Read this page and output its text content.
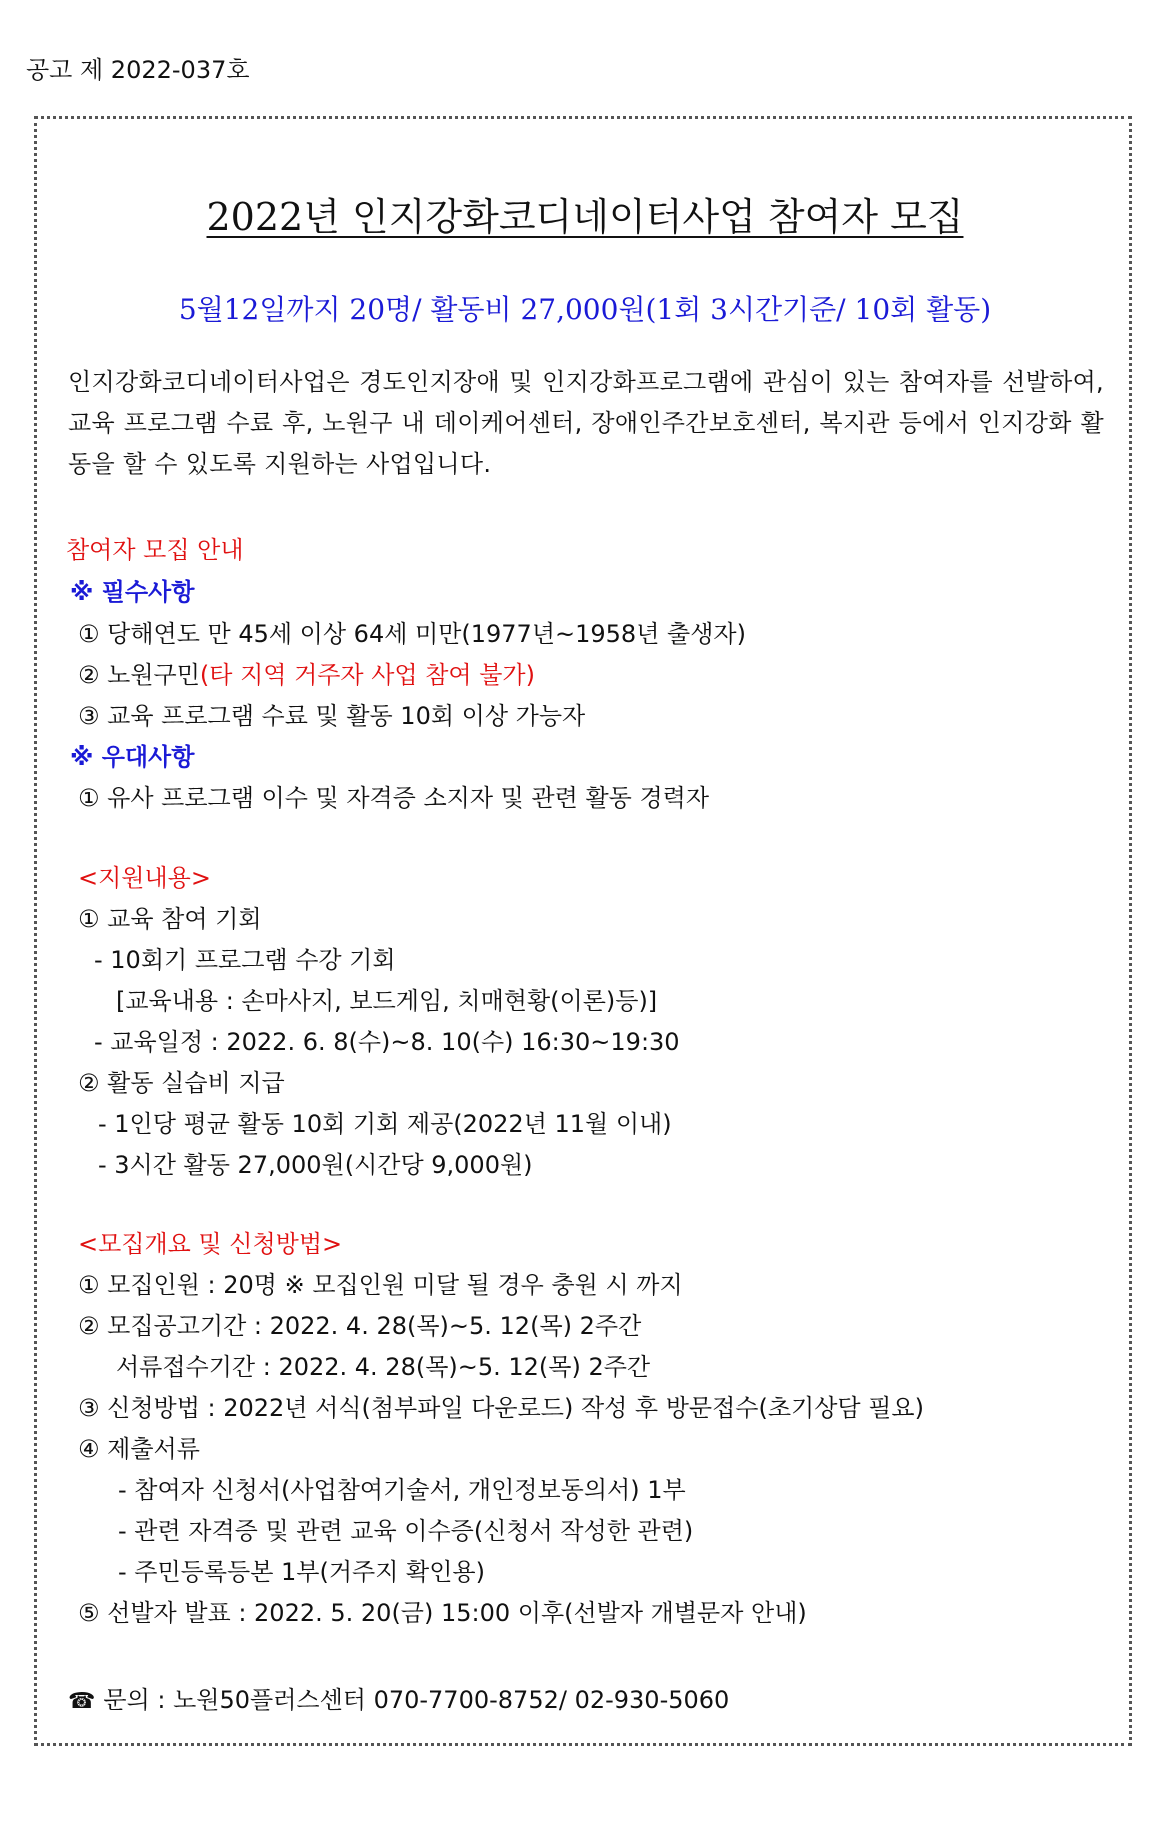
공고 제 2022-037호
2022년 인지강화코디네이터사업 참여자 모집
5월12일까지 20명/ 활동비 27,000원(1회 3시간기준/ 10회 활동)
인지강화코디네이터사업은 경도인지장애 및 인지강화프로그램에 관심이 있는 참여자를 선발하여, 교육 프로그램 수료 후, 노원구 내 데이케어센터, 장애인주간보호센터, 복지관 등에서 인지강화 활동을 할 수 있도록 지원하는 사업입니다.
참여자 모집 안내
※ 필수사항
① 당해연도 만 45세 이상 64세 미만(1977년~1958년 출생자)
② 노원구민(타 지역 거주자 사업 참여 불가)
③ 교육 프로그램 수료 및 활동 10회 이상 가능자
※ 우대사항
① 유사 프로그램 이수 및 자격증 소지자 및 관련 활동 경력자
<지원내용>
① 교육 참여 기회
- 10회기 프로그램 수강 기회
[교육내용 : 손마사지, 보드게임, 치매현황(이론)등)]
- 교육일정 : 2022. 6. 8(수)~8. 10(수) 16:30~19:30
② 활동 실습비 지급
- 1인당 평균 활동 10회 기회 제공(2022년 11월 이내)
- 3시간 활동 27,000원(시간당 9,000원)
<모집개요 및 신청방법>
① 모집인원 : 20명 ※ 모집인원 미달 될 경우 충원 시 까지
② 모집공고기간 : 2022. 4. 28(목)~5. 12(목) 2주간
서류접수기간 : 2022. 4. 28(목)~5. 12(목) 2주간
③ 신청방법 : 2022년 서식(첨부파일 다운로드) 작성 후 방문접수(초기상담 필요)
④ 제출서류
- 참여자 신청서(사업참여기술서, 개인정보동의서) 1부
- 관련 자격증 및 관련 교육 이수증(신청서 작성한 관련)
- 주민등록등본 1부(거주지 확인용)
⑤ 선발자 발표 : 2022. 5. 20(금) 15:00 이후(선발자 개별문자 안내)
☎ 문의 : 노원50플러스센터 070-7700-8752/ 02-930-5060
